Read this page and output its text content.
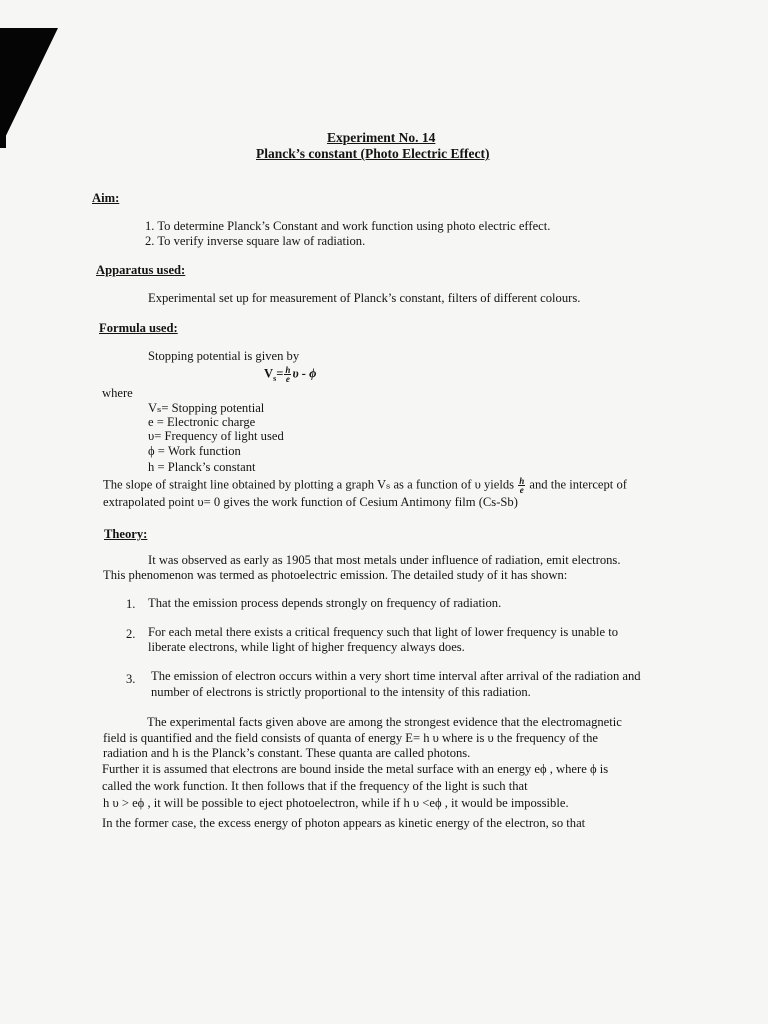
Experiment No. 14
Planck’s constant (Photo Electric Effect)
Aim:
1. To determine Planck’s Constant and work function using photo electric effect.
2. To verify inverse square law of radiation.
Apparatus used:
Experimental set up for measurement of Planck’s constant, filters of different colours.
Formula used:
Stopping potential is given by
$V_s= \frac{h}{e}$ υ - ϕ
where
Vₛ= Stopping potential
e = Electronic charge
υ= Frequency of light used
ϕ = Work function
h = Planck’s constant
The slope of straight line obtained by plotting a graph Vₛ as a function of υ yields $\frac{h}{e}$ and the intercept of
extrapolated point υ= 0 gives the work function of Cesium Antimony film (Cs-Sb)
Theory:
It was observed as early as 1905 that most metals under influence of radiation, emit electrons.
This phenomenon was termed as photoelectric emission. The detailed study of it has shown:
1. That the emission process depends strongly on frequency of radiation.
2. For each metal there exists a critical frequency such that light of lower frequency is unable to
liberate electrons, while light of higher frequency always does.
3. The emission of electron occurs within a very short time interval after arrival of the radiation and
number of electrons is strictly proportional to the intensity of this radiation.
The experimental facts given above are among the strongest evidence that the electromagnetic
field is quantified and the field consists of quanta of energy E= h υ where is υ the frequency of the
radiation and h is the Planck’s constant. These quanta are called photons.
Further it is assumed that electrons are bound inside the metal surface with an energy eϕ , where ϕ is
called the work function. It then follows that if the frequency of the light is such that
h υ > eϕ , it will be possible to eject photoelectron, while if h υ <eϕ , it would be impossible.
In the former case, the excess energy of photon appears as kinetic energy of the electron, so that
